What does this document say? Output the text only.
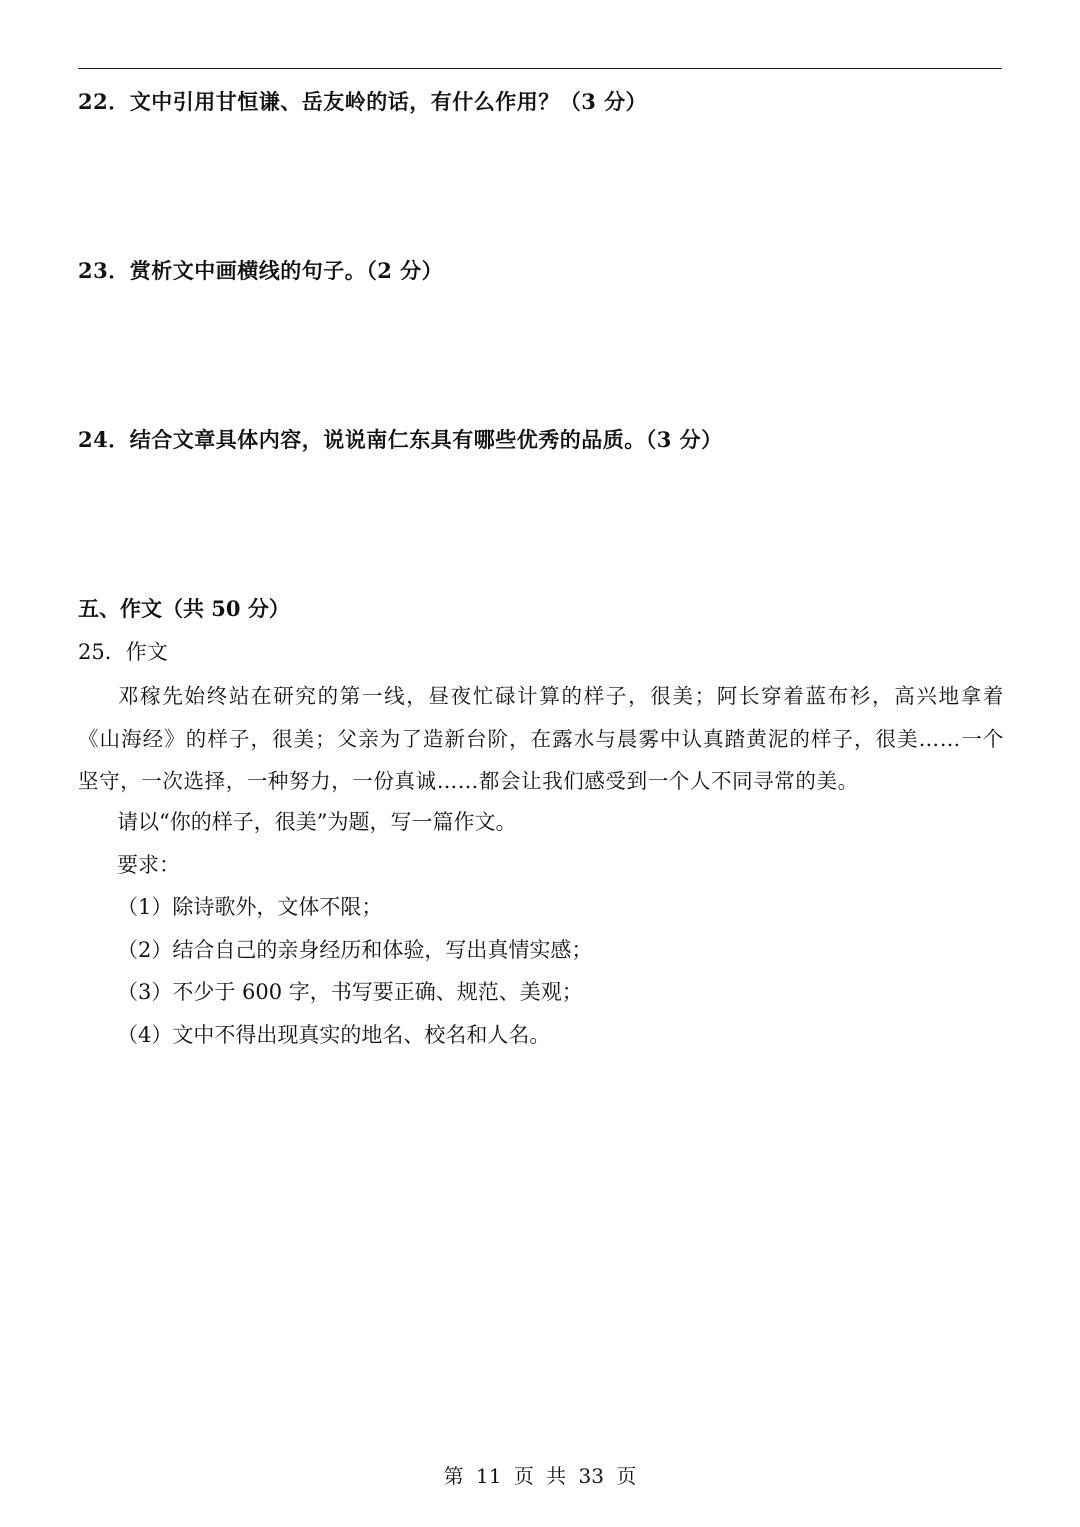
22．文中引用甘恒谦、岳友岭的话，有什么作用？（3 分）
23．赏析文中画横线的句子。（2 分）
24．结合文章具体内容，说说南仁东具有哪些优秀的品质。（3 分）
五、作文（共 50 分）
25．作文
邓稼先始终站在研究的第一线，昼夜忙碌计算的样子，很美；阿长穿着蓝布衫，高兴地拿着《山海经》的样子，很美；父亲为了造新台阶，在露水与晨雾中认真踏黄泥的样子，很美……一个坚守，一次选择，一种努力，一份真诚……都会让我们感受到一个人不同寻常的美。
请以“你的样子，很美”为题，写一篇作文。
要求：
（1）除诗歌外，文体不限；
（2）结合自己的亲身经历和体验，写出真情实感；
（3）不少于 600 字，书写要正确、规范、美观；
（4）文中不得出现真实的地名、校名和人名。
第 11 页 共 33 页
